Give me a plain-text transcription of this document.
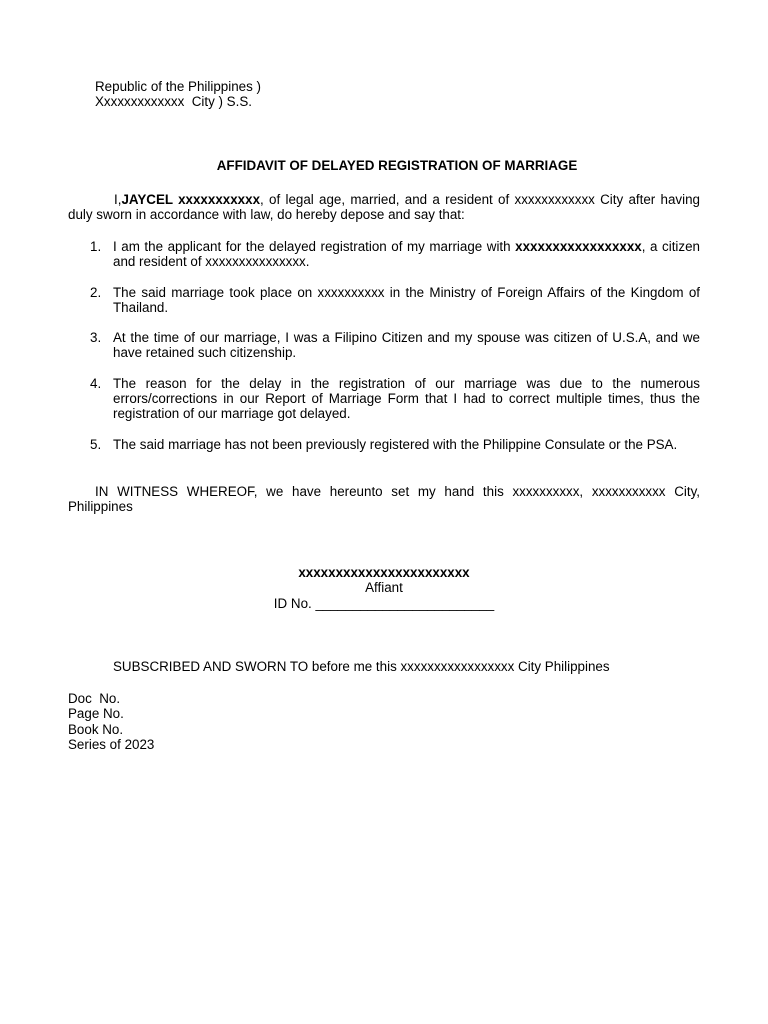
Republic of the Philippines )
Xxxxxxxxxxxxx  City ) S.S.
AFFIDAVIT OF DELAYED REGISTRATION OF MARRIAGE
I,JAYCEL xxxxxxxxxxx, of legal age, married, and a resident of xxxxxxxxxxxx City after having duly sworn in accordance with law, do hereby depose and say that:
1. I am the applicant for the delayed registration of my marriage with xxxxxxxxxxxxxxxxx, a citizen and resident of xxxxxxxxxxxxxxx.
2. The said marriage took place on xxxxxxxxxx in the Ministry of Foreign Affairs of the Kingdom of Thailand.
3. At the time of our marriage, I was a Filipino Citizen and my spouse was citizen of U.S.A, and we have retained such citizenship.
4. The reason for the delay in the registration of our marriage was due to the numerous errors/corrections in our Report of Marriage Form that I had to correct multiple times, thus the registration of our marriage got delayed.
5. The said marriage has not been previously registered with the Philippine Consulate or the PSA.
IN WITNESS WHEREOF, we have hereunto set my hand this xxxxxxxxxx, xxxxxxxxxxx City, Philippines
xxxxxxxxxxxxxxxxxxxxxxx
Affiant
ID No. ________________________
SUBSCRIBED AND SWORN TO before me this xxxxxxxxxxxxxxxxx City Philippines
Doc  No.
Page No.
Book No.
Series of 2023
